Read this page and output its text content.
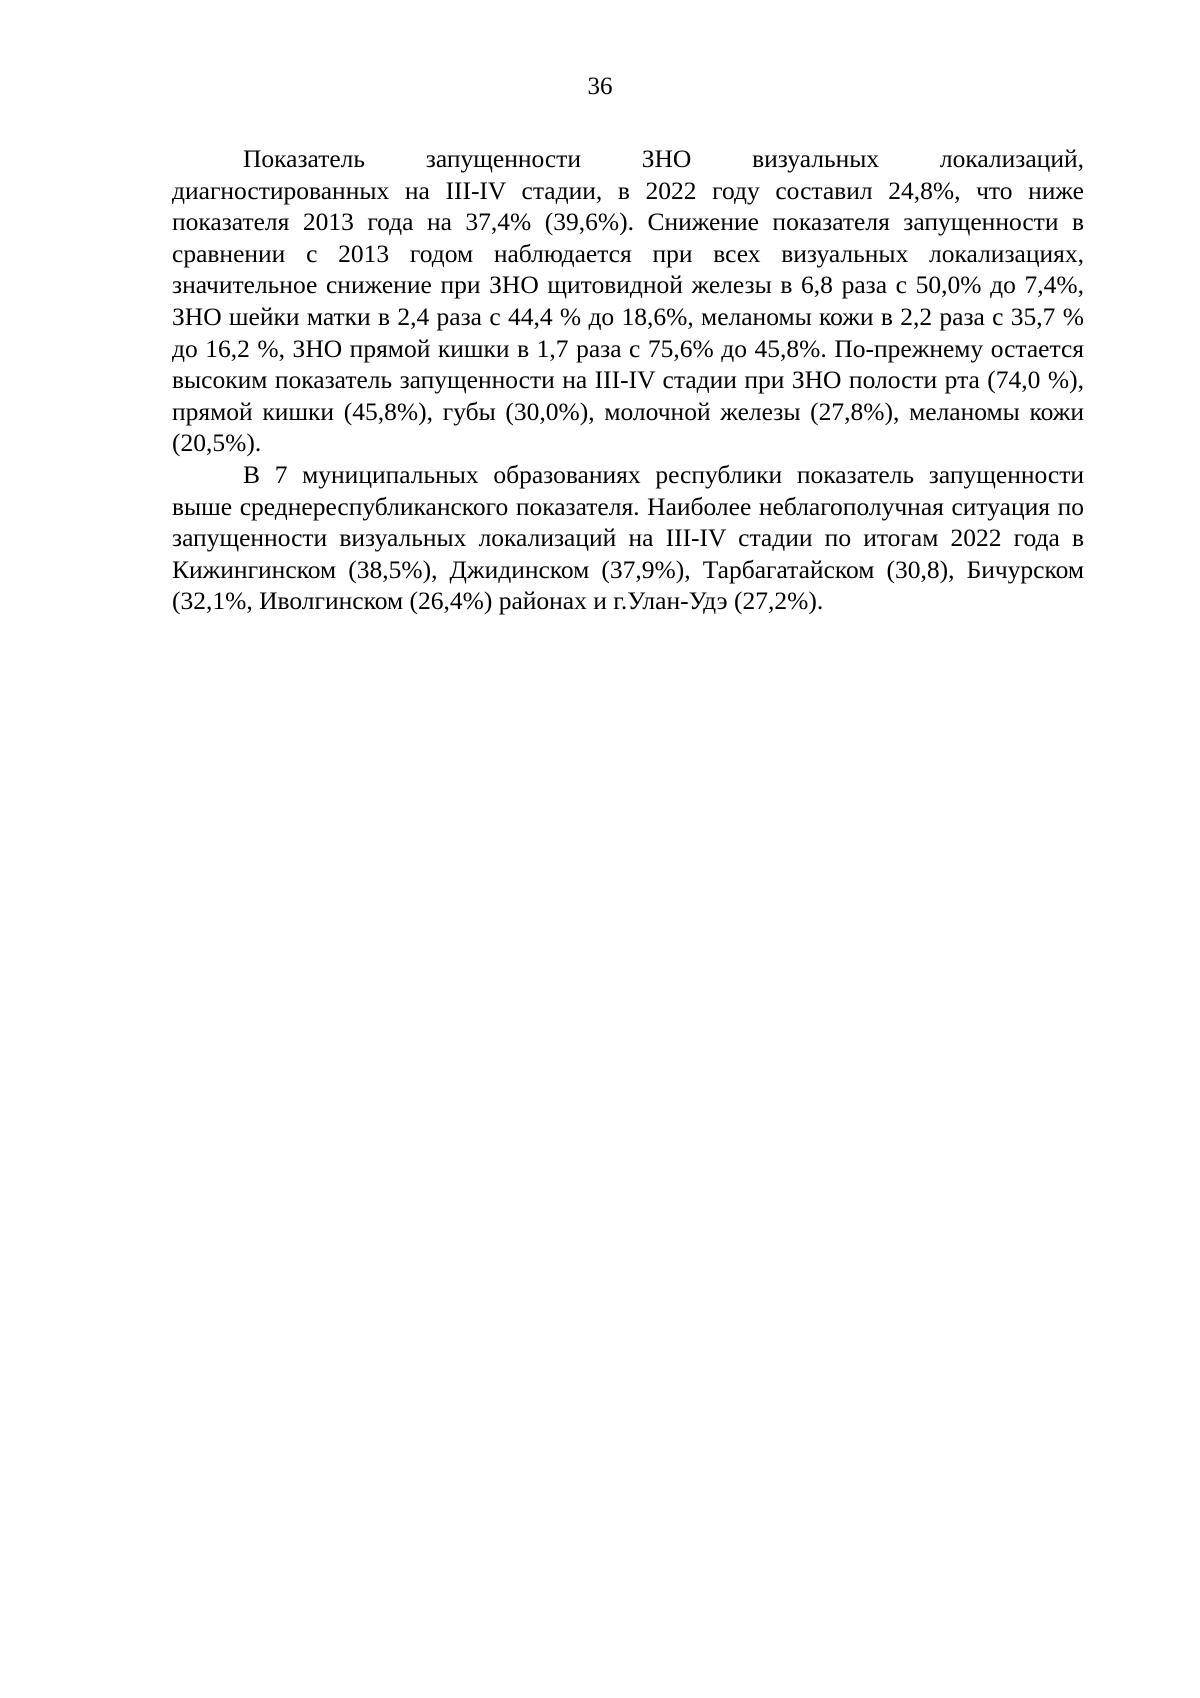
36

Показатель запущенности ЗНО визуальных локализаций, диагностированных на III-IV стадии, в 2022 году составил 24,8%, что ниже показателя 2013 года на 37,4% (39,6%). Снижение показателя запущенности в сравнении с 2013 годом наблюдается при всех визуальных локализациях, значительное снижение при ЗНО щитовидной железы в 6,8 раза с 50,0% до 7,4%, ЗНО шейки матки в 2,4 раза с 44,4 % до 18,6%, меланомы кожи в 2,2 раза с 35,7 % до 16,2 %, ЗНО прямой кишки в 1,7 раза с 75,6% до 45,8%. По-прежнему остается высоким показатель запущенности на III-IV стадии при ЗНО полости рта (74,0 %), прямой кишки (45,8%), губы (30,0%), молочной железы (27,8%), меланомы кожи (20,5%).

В 7 муниципальных образованиях республики показатель запущенности выше среднереспубликанского показателя. Наиболее неблагополучная ситуация по запущенности визуальных локализаций на III-IV стадии по итогам 2022 года в Кижингинском (38,5%), Джидинском (37,9%), Тарбагатайском (30,8), Бичурском (32,1%, Иволгинском (26,4%) районах и г.Улан-Удэ (27,2%).
